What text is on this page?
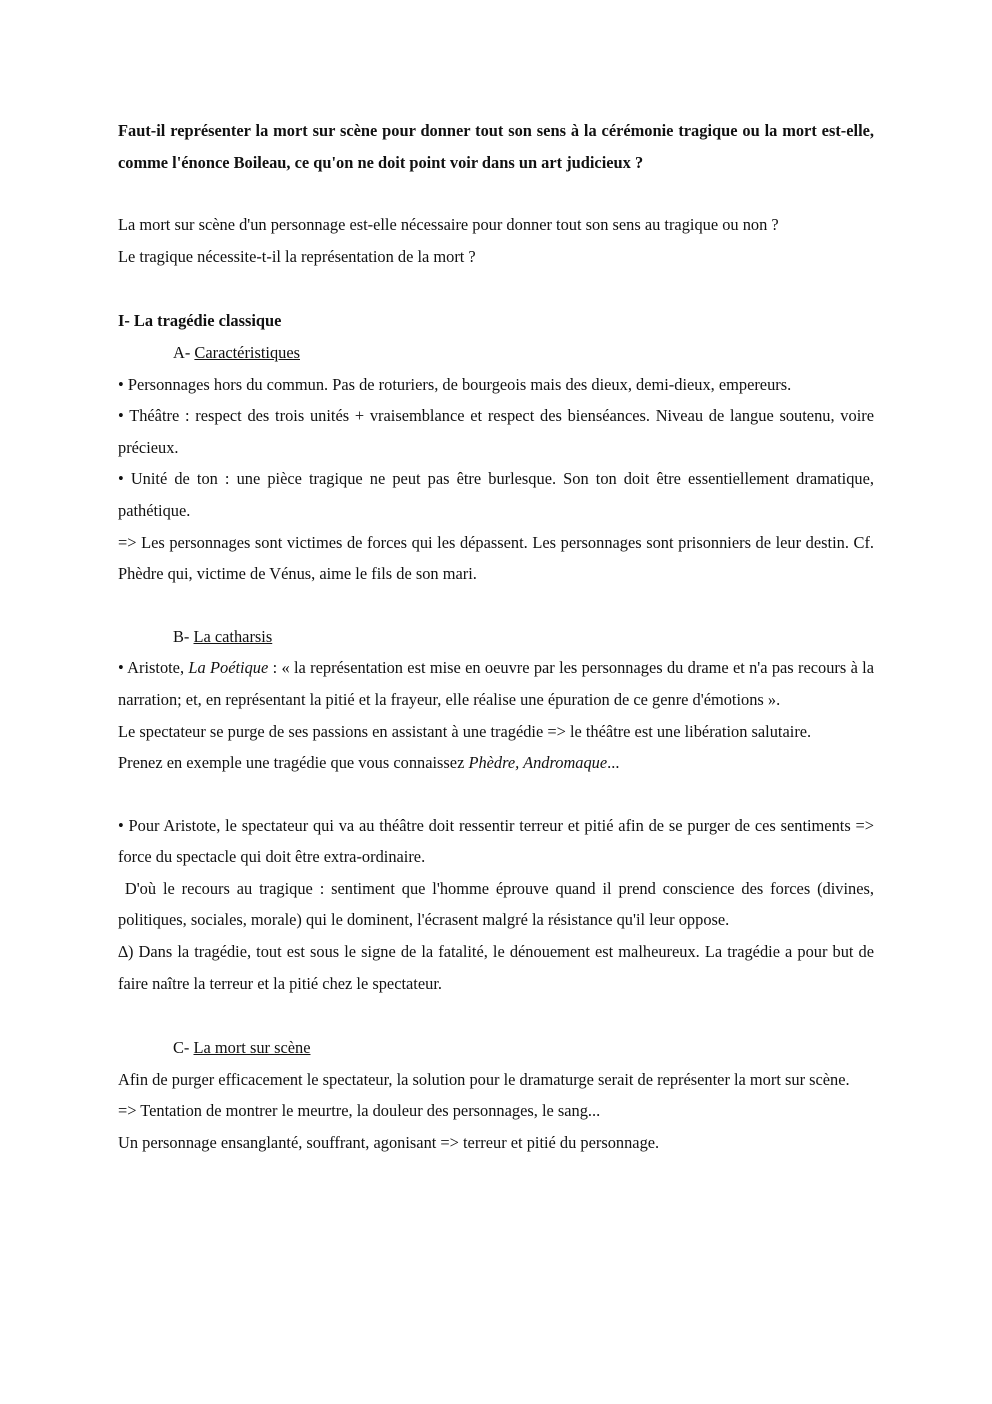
Faut-il représenter la mort sur scène pour donner tout son sens à la cérémonie tragique ou la mort est-elle, comme l'énonce Boileau, ce qu'on ne doit point voir dans un art judicieux ?

La mort sur scène d'un personnage est-elle nécessaire pour donner tout son sens au tragique ou non ?

Le tragique nécessite-t-il la représentation de la mort ?

I- La tragédie classique

A- Caractéristiques

• Personnages hors du commun. Pas de roturiers, de bourgeois mais des dieux, demi-dieux, empereurs.

• Théâtre : respect des trois unités + vraisemblance et respect des bienséances. Niveau de langue soutenu, voire précieux.

• Unité de ton : une pièce tragique ne peut pas être burlesque. Son ton doit être essentiellement dramatique, pathétique.

=> Les personnages sont victimes de forces qui les dépassent. Les personnages sont prisonniers de leur destin. Cf. Phèdre qui, victime de Vénus, aime le fils de son mari.

B- La catharsis

• Aristote, La Poétique : « la représentation est mise en oeuvre par les personnages du drame et n'a pas recours à la narration; et, en représentant la pitié et la frayeur, elle réalise une épuration de ce genre d'émotions ».

Le spectateur se purge de ses passions en assistant à une tragédie => le théâtre est une libération salutaire.

Prenez en exemple une tragédie que vous connaissez Phèdre, Andromaque...

• Pour Aristote, le spectateur qui va au théâtre doit ressentir terreur et pitié afin de se purger de ces sentiments => force du spectacle qui doit être extra-ordinaire.

D'où le recours au tragique : sentiment que l'homme éprouve quand il prend conscience des forces (divines, politiques, sociales, morale) qui le dominent, l'écrasent malgré la résistance qu'il leur oppose.

∆) Dans la tragédie, tout est sous le signe de la fatalité, le dénouement est malheureux. La tragédie a pour but de faire naître la terreur et la pitié chez le spectateur.

C- La mort sur scène

Afin de purger efficacement le spectateur, la solution pour le dramaturge serait de représenter la mort sur scène.

=> Tentation de montrer le meurtre, la douleur des personnages, le sang...

Un personnage ensanglanté, souffrant, agonisant => terreur et pitié du personnage.
